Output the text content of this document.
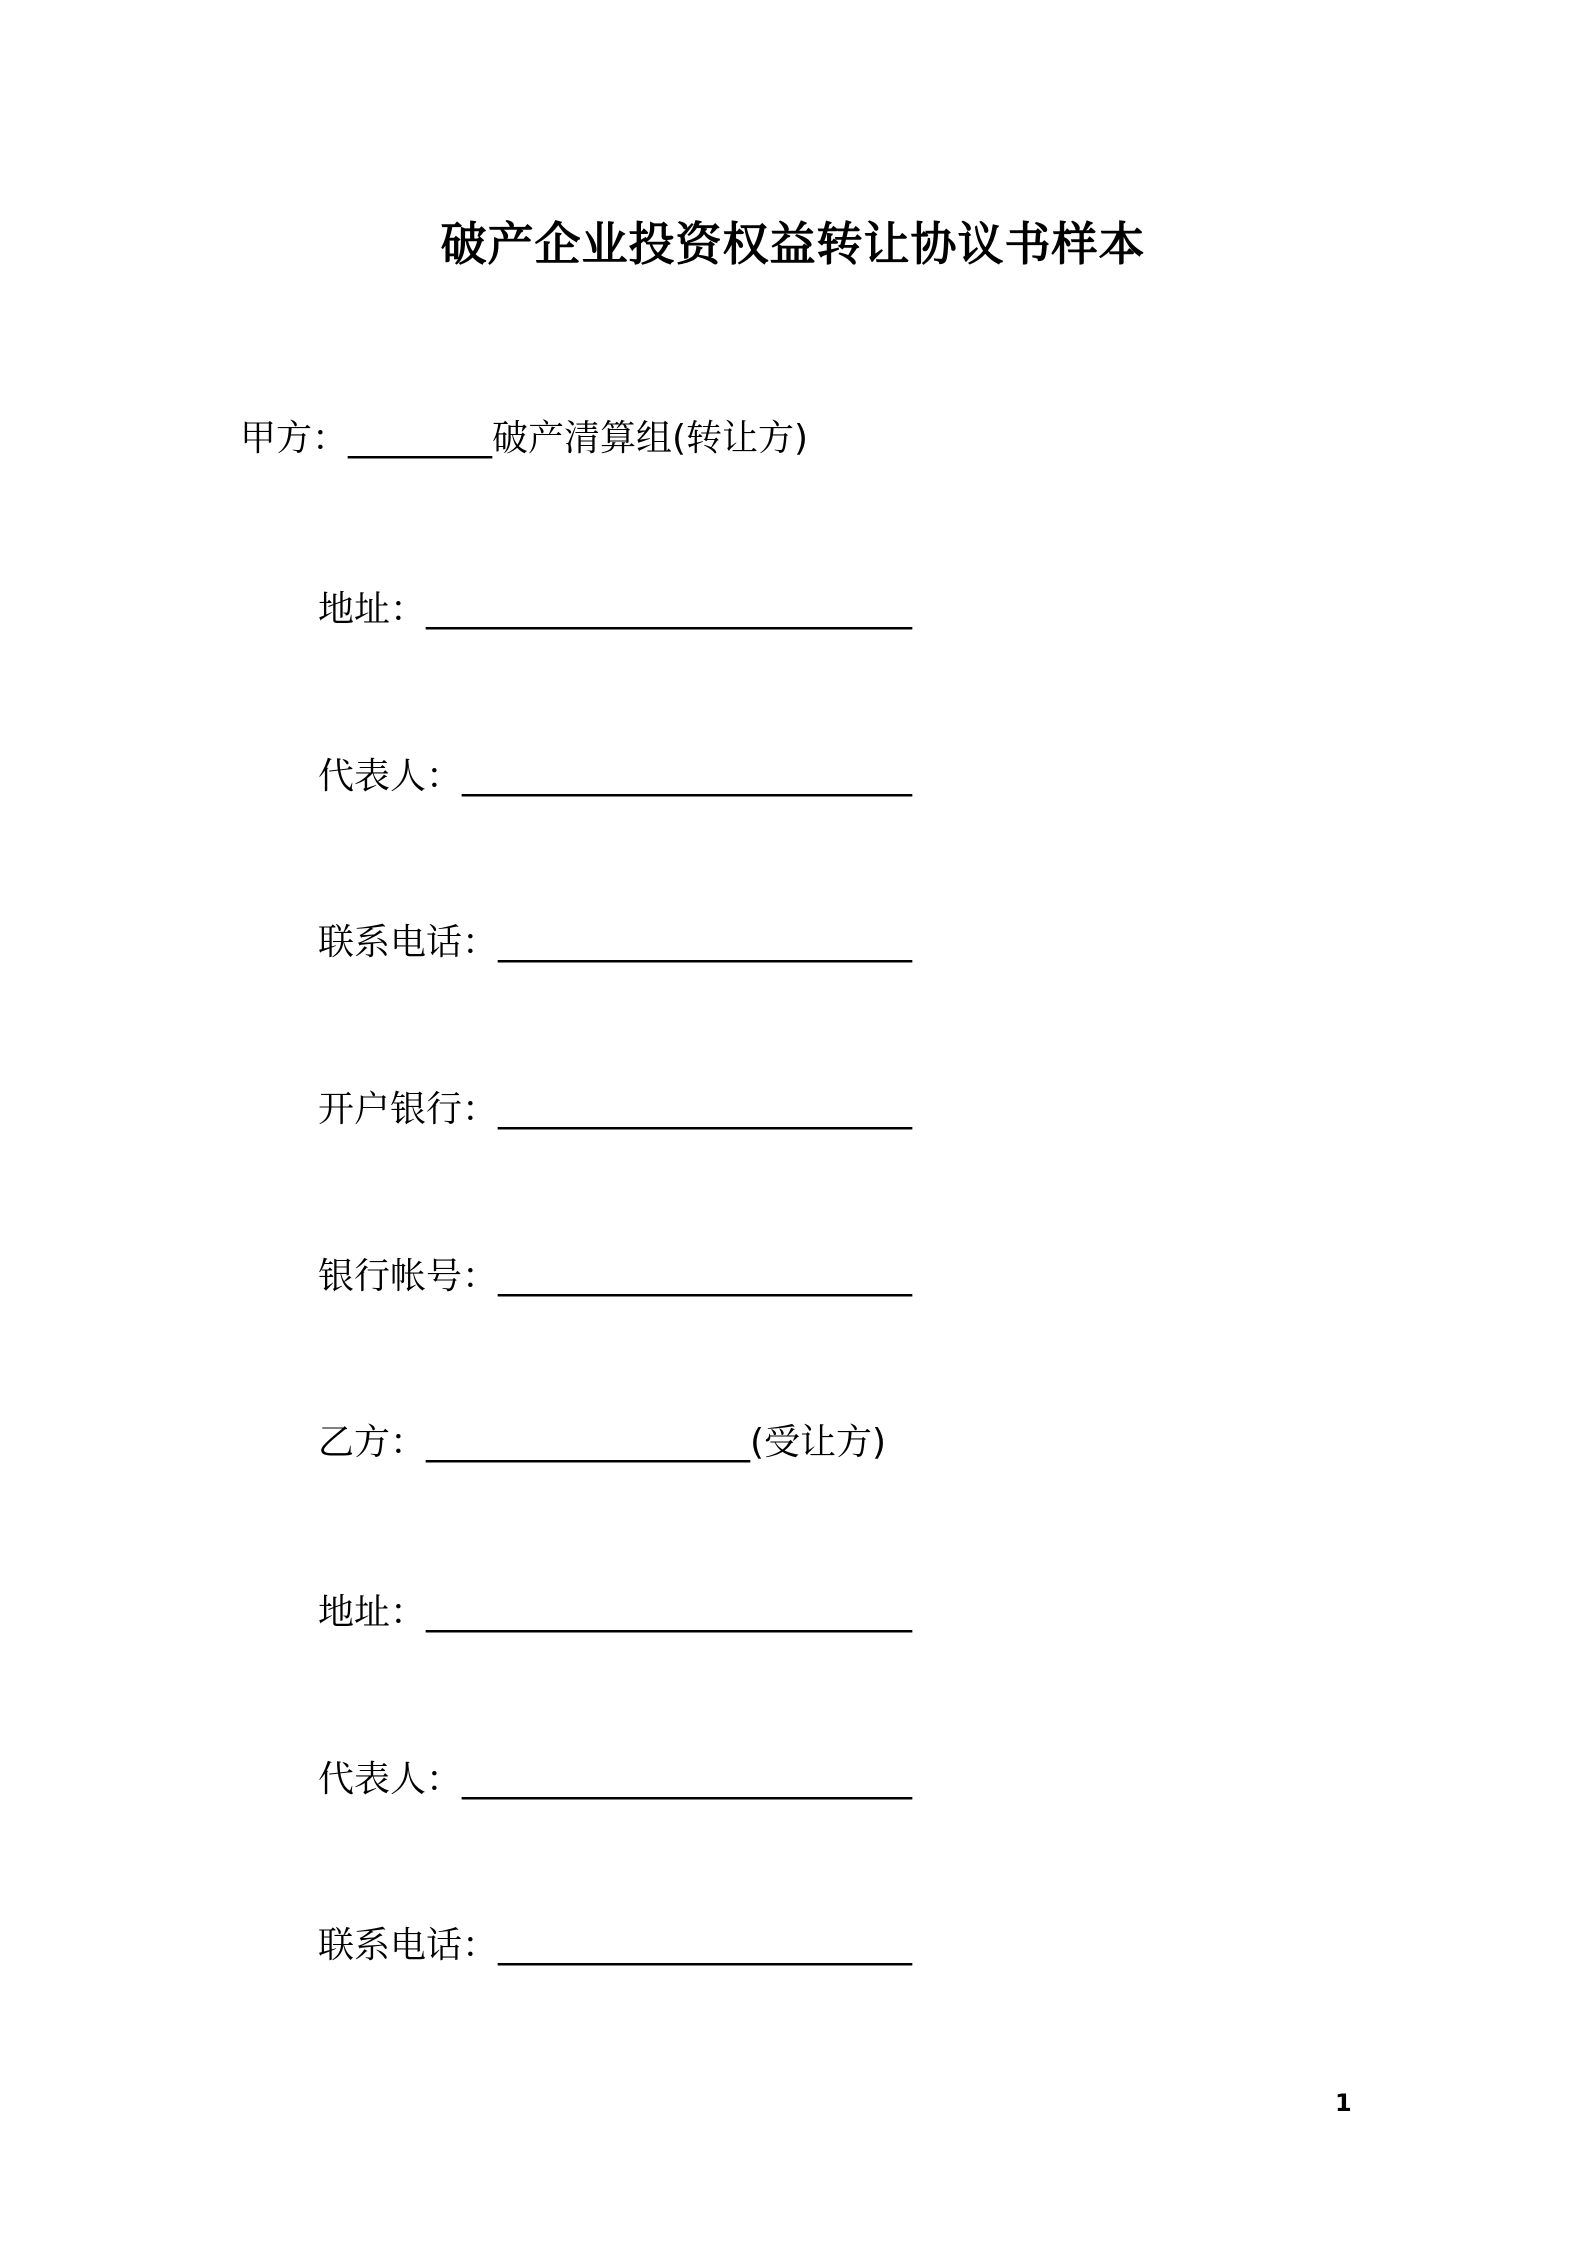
破产企业投资权益转让协议书样本
甲方：________破产清算组(转让方)
地址：___________________________
代表人：_________________________
联系电话：_______________________
开户银行：_______________________
银行帐号：_______________________
乙方：__________________(受让方)
地址：___________________________
代表人：_________________________
联系电话：_______________________
1
